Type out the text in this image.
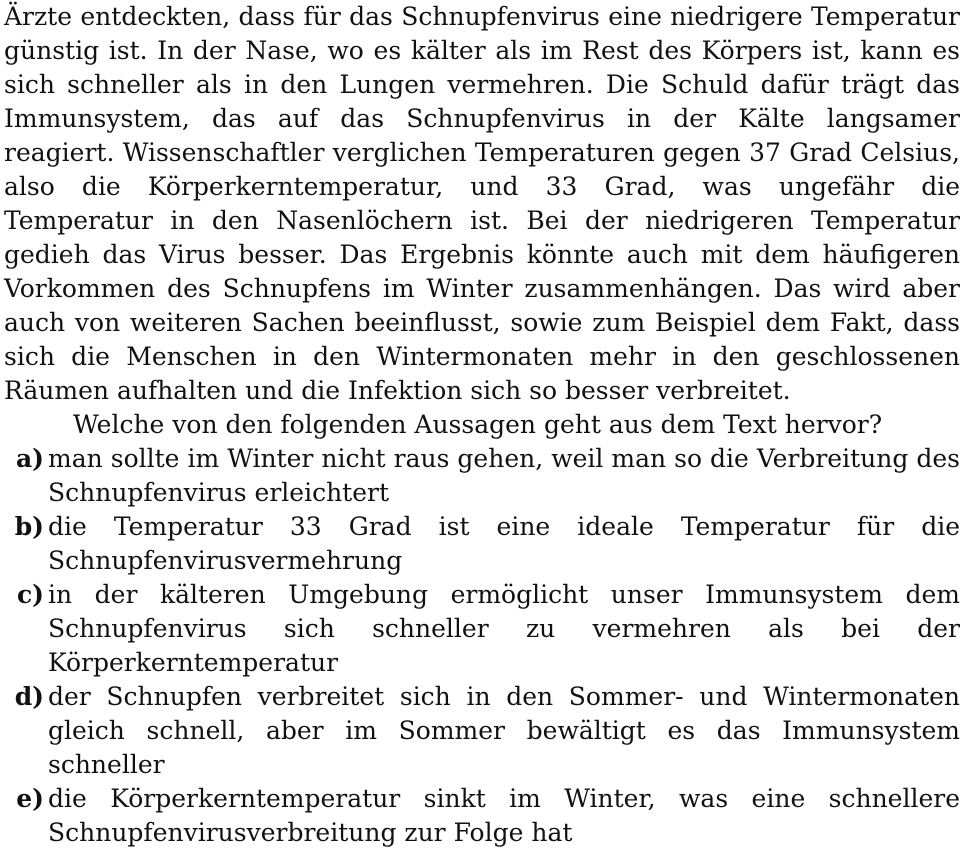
Ärzte entdeckten, dass für das Schnupfenvirus eine niedrigere Temperatur günstig ist. In der Nase, wo es kälter als im Rest des Körpers ist, kann es sich schneller als in den Lungen vermehren. Die Schuld dafür trägt das Immunsystem, das auf das Schnupfenvirus in der Kälte langsamer reagiert. Wissenschaftler verglichen Temperaturen gegen 37 Grad Celsius, also die Körperkerntemperatur, und 33 Grad, was ungefähr die Temperatur in den Nasenlöchern ist. Bei der niedrigeren Temperatur gedieh das Virus besser. Das Ergebnis könnte auch mit dem häufigeren Vorkommen des Schnupfens im Winter zusammenhängen. Das wird aber auch von weiteren Sachen beeinflusst, sowie zum Beispiel dem Fakt, dass sich die Menschen in den Wintermonaten mehr in den geschlossenen Räumen aufhalten und die Infektion sich so besser verbreitet.

Welche von den folgenden Aussagen geht aus dem Text hervor?

a) man sollte im Winter nicht raus gehen, weil man so die Verbreitung des Schnupfenvirus erleichtert
b) die Temperatur 33 Grad ist eine ideale Temperatur für die Schnupfenvirusvermehrung
c) in der kälteren Umgebung ermöglicht unser Immunsystem dem Schnupfenvirus sich schneller zu vermehren als bei der Körperkerntemperatur
d) der Schnupfen verbreitet sich in den Sommer- und Wintermonaten gleich schnell, aber im Sommer bewältigt es das Immunsystem schneller
e) die Körperkerntemperatur sinkt im Winter, was eine schnellere Schnupfenvirusverbreitung zur Folge hat
